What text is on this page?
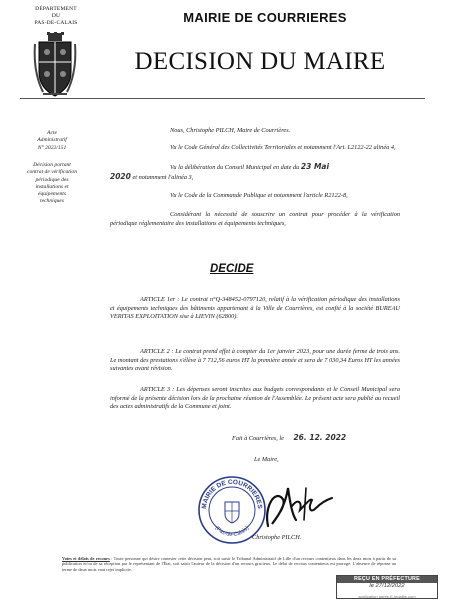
DÉPARTEMENT
DU
PAS-DE-CALAIS	MAIRIE DE COURRIERES
DECISION DU MAIRE
Acte
Administratif
N° 2022/151
Décision portant
contrat de vérification
périodique des
installations et
équipements
techniques
Nous, Christophe PILCH, Maire de Courrières.
Vu le Code Général des Collectivités Territoriales et notamment l'Art. L2122-22 alinéa 4,
Vu la délibération du Conseil Municipal en date du 23 Mai
2020 et notamment l'alinéa 3,
Vu le Code de la Commande Publique et notamment l'article R2122-8,
Considérant la nécessité de souscrire un contrat pour procéder à la vérification périodique réglementaire des installations et équipements techniques,
DECIDE
ARTICLE 1er : Le contrat n°Q-348452-0797120, relatif à la vérification périodique des installations et équipements techniques des bâtiments appartenant à la Ville de Courrières, est confié à la société BUREAU VERITAS EXPLOITATION sise à LIEVIN (62800).
ARTICLE 2 : Le contrat prend effet à compter du 1er janvier 2023, pour une durée ferme de trois ans. Le montant des prestations s'élève à 7 712,56 euros HT la première année et sera de 7 030,34 Euros HT les années suivantes avant révision.
ARTICLE 3 : Les dépenses seront inscrites aux budgets correspondants et le Conseil Municipal sera informé de la présente décision lors de la prochaine réunion de l'Assemblée. Le présent acte sera publié au recueil des actes administratifs de la Commune et joint.
Fait à Courrières, le 26. 12. 2022
Le Maire,
MAIRIE DE COURRIERES
(Pas-de-Calais)
Christophe PILCH.
Voies et délais de recours : Toute personne qui désire contester cette décision peut, soit saisir le Tribunal Administratif de Lille d'un recours contentieux dans les deux mois à partir de sa publication et/ou de sa réception par le représentant de l'État, soit saisir l'auteur de la décision d'un recours gracieux. Le délai de recours contentieux est prorogé. L'absence de réponse au terme de deux mois vaut rejet implicite.
REÇU EN PRÉFECTURE
le 27/12/2022
application agree-E-legalite.com
